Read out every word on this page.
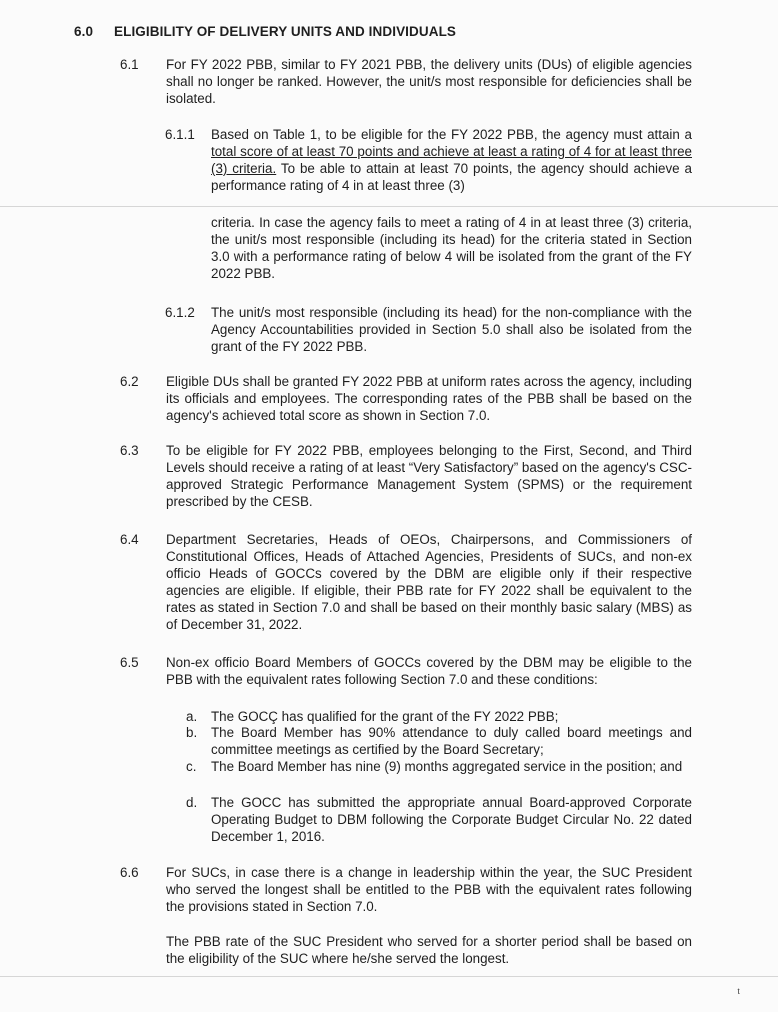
6.0 ELIGIBILITY OF DELIVERY UNITS AND INDIVIDUALS
6.1 For FY 2022 PBB, similar to FY 2021 PBB, the delivery units (DUs) of eligible agencies shall no longer be ranked. However, the unit/s most responsible for deficiencies shall be isolated.
6.1.1 Based on Table 1, to be eligible for the FY 2022 PBB, the agency must attain a total score of at least 70 points and achieve at least a rating of 4 for at least three (3) criteria. To be able to attain at least 70 points, the agency should achieve a performance rating of 4 in at least three (3)
criteria. In case the agency fails to meet a rating of 4 in at least three (3) criteria, the unit/s most responsible (including its head) for the criteria stated in Section 3.0 with a performance rating of below 4 will be isolated from the grant of the FY 2022 PBB.
6.1.2 The unit/s most responsible (including its head) for the non-compliance with the Agency Accountabilities provided in Section 5.0 shall also be isolated from the grant of the FY 2022 PBB.
6.2 Eligible DUs shall be granted FY 2022 PBB at uniform rates across the agency, including its officials and employees. The corresponding rates of the PBB shall be based on the agency's achieved total score as shown in Section 7.0.
6.3 To be eligible for FY 2022 PBB, employees belonging to the First, Second, and Third Levels should receive a rating of at least “Very Satisfactory” based on the agency's CSC-approved Strategic Performance Management System (SPMS) or the requirement prescribed by the CESB.
6.4 Department Secretaries, Heads of OEOs, Chairpersons, and Commissioners of Constitutional Offices, Heads of Attached Agencies, Presidents of SUCs, and non-ex officio Heads of GOCCs covered by the DBM are eligible only if their respective agencies are eligible. If eligible, their PBB rate for FY 2022 shall be equivalent to the rates as stated in Section 7.0 and shall be based on their monthly basic salary (MBS) as of December 31, 2022.
6.5 Non-ex officio Board Members of GOCCs covered by the DBM may be eligible to the PBB with the equivalent rates following Section 7.0 and these conditions:
a. The GOCÇ has qualified for the grant of the FY 2022 PBB;
b. The Board Member has 90% attendance to duly called board meetings and committee meetings as certified by the Board Secretary;
c. The Board Member has nine (9) months aggregated service in the position; and
d. The GOCC has submitted the appropriate annual Board-approved Corporate Operating Budget to DBM following the Corporate Budget Circular No. 22 dated December 1, 2016.
6.6 For SUCs, in case there is a change in leadership within the year, the SUC President who served the longest shall be entitled to the PBB with the equivalent rates following the provisions stated in Section 7.0.
The PBB rate of the SUC President who served for a shorter period shall be based on the eligibility of the SUC where he/she served the longest.
ᵗ
